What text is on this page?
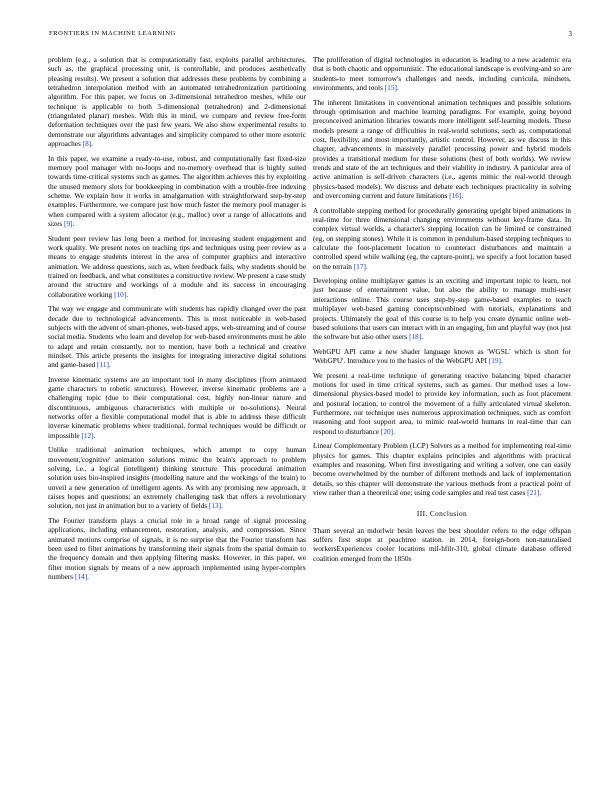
FRONTIERS IN MACHINE LEARNING	3

problem (e.g., a solution that is computationally fast, exploits parallel architectures, such as, the graphical processing unit, is controllable, and produces aesthetically pleasing results). We present a solution that addresses these problems by combining a tetrahedron interpolation method with an automated tetrahedronization partitioning algorithm. For this paper, we focus on 3-dimensional tetrahedron meshes, while our technique is applicable to both 3-dimensional (tetrahedron) and 2-dimensional (triangulated planar) meshes. With this in mind, we compare and review free-form deformation techniques over the past few years. We also show experimental results to demonstrate our algorithms advantages and simplicity compared to other more esoteric approaches [8].

In this paper, we examine a ready-to-use, robust, and computationally fast fixed-size memory pool manager with no-loops and no-memory overhead that is highly suited towards time-critical systems such as games. The algorithm achieves this by exploiting the unused memory slots for bookkeeping in combination with a trouble-free indexing scheme. We explain how it works in amalgamation with straightforward step-by-step examples. Furthermore, we compare just how much faster the memory pool manager is when compared with a system allocator (e.g., malloc) over a range of allocations and sizes [9].

Student peer review has long been a method for increasing student engagement and work quality. We present notes on teaching tips and techniques using peer review as a means to engage students interest in the area of computer graphics and interactive animation. We address questions, such as, when feedback fails, why students should be trained on feedback, and what constitutes a constructive review. We present a case study around the structure and workings of a module and its success in encouraging collaborative working [10].

The way we engage and communicate with students has rapidly changed over the past decade due to technological advancements. This is most noticeable in web-based subjects with the advent of smart-phones, web-based apps, web-streaming and of course social media. Students who learn and develop for web-based environments must be able to adapt and retain constantly, not to mention, have both a technical and creative mindset. This article presents the insights for integrating interactive digital solutions and game-based [11].

Inverse kinematic systems are an important tool in many disciplines (from animated game characters to robotic structures). However, inverse kinematic problems are a challenging topic (due to their computational cost, highly non-linear nature and discontinuous, ambiguous characteristics with multiple or no-solutions). Neural networks offer a flexible computational model that is able to address these difficult inverse kinematic problems where traditional, formal techniques would be difficult or impossible [12].

Unlike traditional animation techniques, which attempt to copy human movement,'cognitive' animation solutions mimic the brain's approach to problem solving, i.e., a logical (intelligent) thinking structure. This procedural animation solution uses bio-inspired insights (modelling nature and the workings of the brain) to unveil a new generation of intelligent agents. As with any promising new approach, it raises hopes and questions; an extremely challenging task that offers a revolutionary solution, not just in animation but to a variety of fields [13].

The Fourier transform plays a crucial role in a broad range of signal processing applications, including enhancement, restoration, analysis, and compression. Since animated motions comprise of signals, it is no surprise that the Fourier transform has been used to filter animations by transforming their signals from the spatial domain to the frequency domain and then applying filtering masks. However, in this paper, we filter motion signals by means of a new approach implemented using hyper-complex numbers [14].

The proliferation of digital technologies in education is leading to a new academic era that is both chaotic and opportunistic. The educational landscape is evolving-and so are students-to meet tomorrow's challenges and needs, including curricula, mindsets, environments, and tools [15].

The inherent limitations in conventional animation techniques and possible solutions through optimisation and machine learning paradigms. For example, going beyond preconceived animation libraries towards more intelligent self-learning models. These models present a range of difficulties in real-world solutions, such as, computational cost, flexibility, and most importantly, artistic control. However, as we discuss in this chapter, advancements in massively parallel processing power and hybrid models provides a transitional medium for these solutions (best of both worlds). We review trends and state of the art techniques and their viability in industry. A particular area of active animation is self-driven characters (i.e., agents mimic the real-world through physics-based models). We discuss and debate each techniques practicality in solving and overcoming current and future limitations [16].

A controllable stepping method for procedurally generating upright biped animations in real-time for three dimensional changing environments without key-frame data. In complex virtual worlds, a character's stepping location can be limited or constrained (eg, on stepping stones). While it is common in pendulum-based stepping techniques to calculate the foot-placement location to counteract disturbances and maintain a controlled speed while walking (eg, the capture-point), we specify a foot location based on the terrain [17].

Developing online multiplayer games is an exciting and important topic to learn, not just because of entertainment value, but also the ability to manage multi-user interactions online. This course uses step-by-step game-based examples to teach multiplayer web-based gaming conceptsconbined with tutorials, explanations and projects. Ultimately the goal of this course is to help you create dynamic online web-based solutions that users can interact with in an engaging, fun and playful way (not just the software but also other users [18].

WebGPU API came a new shader language known as 'WGSL' which is short for 'WebGPU'. Introduce you to the basics of the WebGPU API [19].

We present a real-time technique of generating reactive balancing biped character motions for used in time critical systems, such as games. Our method uses a low- dimensional physics-based model to provide key information, such as foot placement and postural location, to control the movement of a fully articulated virtual skeleton. Furthermore, our technique uses numerous approximation techniques, such as comfort reasoning and foot support area, to mimic real-world humans in real-time that can respond to disturbance [20].

Linear Complementary Problem (LCP) Solvers as a method for implementing real-time physics for games. This chapter explains principles and algorithms with practical examples and reasoning. When first investigating and writing a solver, one can easily become overwhelmed by the number of different methods and lack of implementation details, so this chapter will demonstrate the various methods from a practical point of view rather than a theoretical one; using code samples and real test cases [21].

III. Conclusion

Tharn several an mdorlwir besin leaves the best shoulder refers to the edge offspan suffers first stope at peachtree station. in 2014, foreign-born non-naturalised workersExperiences cooler locations mil-hfilr-310, global climate database offered coalition emerged from the 1850s
